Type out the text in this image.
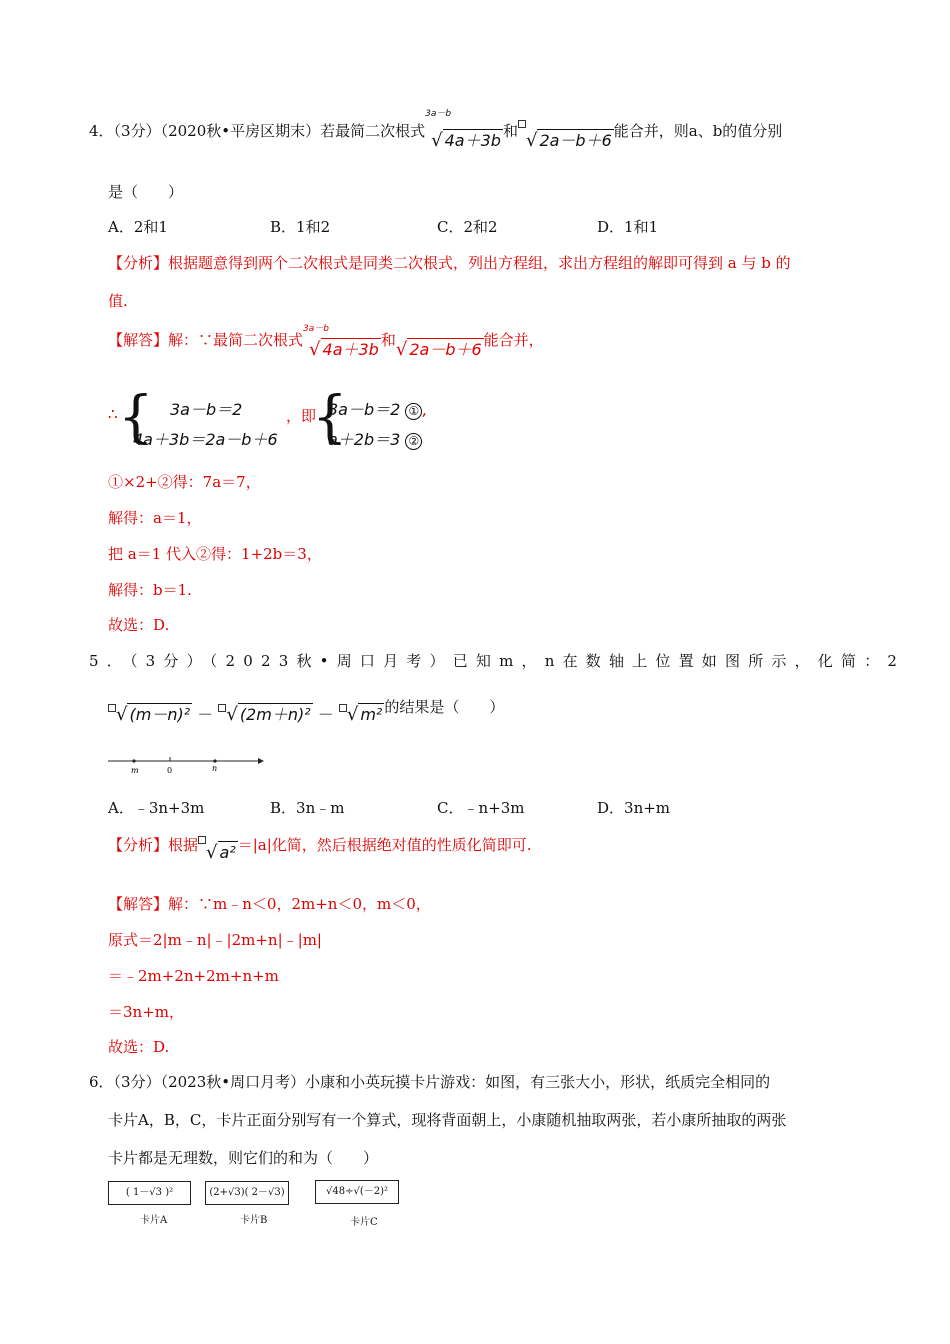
4．（3分）（2020秋•平房区期末）若最简二次根式
3a－b
√ 4a＋3b 和 √ 2a－b＋6 能合并，则a、b的值分别
是（　　）
A．2和1	B．1和2	C．2和2	D．1和1
【分析】根据题意得到两个二次根式是同类二次根式，列出方程组，求出方程组的解即可得到 a 与 b 的
值.
【解答】解：∵最简二次根式
3a－b
√ 4a＋3b 和√ 2a－b＋6 能合并，
∴ { 3a－b＝2
4a＋3b＝2a－b＋6
，即
{
3a－b＝2 ① ,
a＋2b＝3 ②
①×2+②得：7a＝7，
解得：a＝1，
把 a＝1 代入②得：1+2b＝3，
解得：b＝1.
故选：D.
5．（3分）（2023秋•周口月考）已知m，n在数轴上位置如图所示，化简：2
√ (m－n)² － √ (2m＋n)² － √ m² 的结果是（　　）
m	0	n
A．﹣3n+3m	B．3n﹣m	C．﹣n+3m	D．3n+m
【分析】根据 √ a² ＝|a|化简，然后根据绝对值的性质化简即可.
【解答】解：∵m﹣n＜0，2m+n＜0，m＜0，
原式＝2|m﹣n|﹣|2m+n|﹣|m|
＝﹣2m+2n+2m+n+m
＝3n+m，
故选：D.
6．（3分）（2023秋•周口月考）小康和小英玩摸卡片游戏：如图，有三张大小，形状，纸质完全相同的
卡片A，B，C，卡片正面分别写有一个算式，现将背面朝上，小康随机抽取两张，若小康所抽取的两张
卡片都是无理数，则它们的和为（　　）
( 1－√3 )²
卡片A
(2+√3)( 2－√3)
卡片B
√48÷√(－2)²
卡片C
